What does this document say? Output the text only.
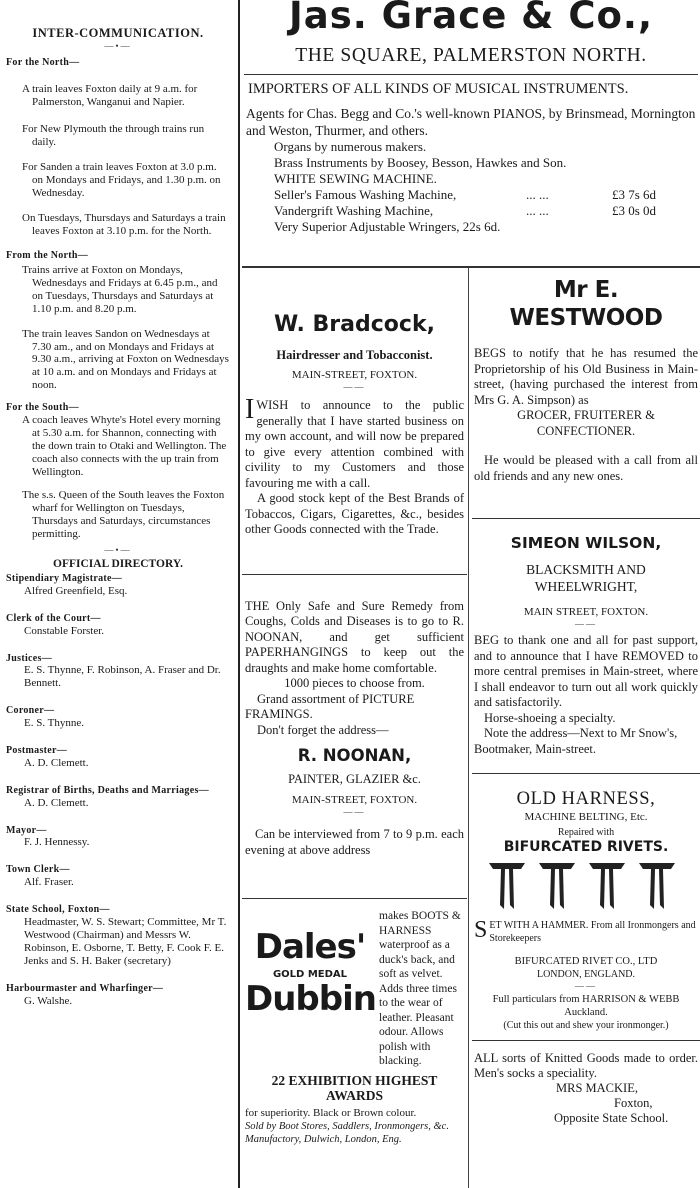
INTER-COMMUNICATION.

—•—

For the North—

A train leaves Foxton daily at 9 a.m. for Palmerston, Wanganui and Napier.

For New Plymouth the through trains run daily.

For Sanden a train leaves Foxton at 3.0 p.m. on Mondays and Fridays, and 1.30 p.m. on Wednesday.

On Tuesdays, Thursdays and Saturdays a train leaves Foxton at 3.10 p.m. for the North.

From the North—

Trains arrive at Foxton on Mondays, Wednesdays and Fridays at 6.45 p.m., and on Tuesdays, Thursdays and Saturdays at 1.10 p.m. and 8.20 p.m.

The train leaves Sandon on Wednesdays at 7.30 am., and on Mondays and Fridays at 9.30 a.m., arriving at Foxton on Wednesdays at 10 a.m. and on Mondays and Fridays at noon.

For the South—

A coach leaves Whyte's Hotel every morning at 5.30 a.m. for Shannon, connecting with the down train to Otaki and Wellington. The coach also connects with the up train from Wellington.

The s.s. Queen of the South leaves the Foxton wharf for Wellington on Tuesdays, Thursdays and Saturdays, circumstances permitting.

—•—

OFFICIAL DIRECTORY.

Stipendiary Magistrate—

Alfred Greenfield, Esq.

Clerk of the Court—

Constable Forster.

Justices—

E. S. Thynne, F. Robinson, A. Fraser and Dr. Bennett.

Coroner—

E. S. Thynne.

Postmaster—

A. D. Clemett.

Registrar of Births, Deaths and Marriages—

A. D. Clemett.

Mayor—

F. J. Hennessy.

Town Clerk—

Alf. Fraser.

State School, Foxton—

Headmaster, W. S. Stewart; Committee, Mr T. Westwood (Chairman) and Messrs W. Robinson, E. Osborne, T. Betty, F. Cook F. E. Jenks and S. H. Baker (secretary)

Harbourmaster and Wharfinger—

G. Walshe.

Jas. Grace & Co.,

THE SQUARE, PALMERSTON NORTH.

IMPORTERS OF ALL KINDS OF MUSICAL INSTRUMENTS.

Agents for Chas. Begg and Co.'s well-known PIANOS, by Brinsmead, Mornington and Weston, Thurmer, and others.

Organs by numerous makers.

Brass Instruments by Boosey, Besson, Hawkes and Son.

WHITE SEWING MACHINE.

Seller's Famous Washing Machine,	... ...	£3 7s 6d
Vandergrift Washing Machine,	... ...	£3 0s 0d

Very Superior Adjustable Wringers, 22s 6d.

W. Bradcock,

Hairdresser and Tobacconist.

MAIN-STREET, FOXTON.

——

IWISH to announce to the public generally that I have started business on my own account, and will now be prepared to give every attention combined with civility to my Customers and those favouring me with a call.

A good stock kept of the Best Brands of Tobaccos, Cigars, Cigarettes, &c., besides other Goods connected with the Trade.

THE Only Safe and Sure Remedy from Coughs, Colds and Diseases is to go to R. NOONAN, and get sufficient PAPERHANGINGS to keep out the draughts and make home comfortable.

1000 pieces to choose from.

Grand assortment of PICTURE FRAMINGS.

Don't forget the address—

R. NOONAN,

PAINTER, GLAZIER &c.

MAIN-STREET, FOXTON.

——

Can be interviewed from 7 to 9 p.m. each evening at above address

Dales'

GOLD MEDAL

Dubbin

makes BOOTS & HARNESS waterproof as a duck's back, and soft as velvet. Adds three times to the wear of leather. Pleasant odour. Allows polish with blacking.

22 EXHIBITION HIGHEST AWARDS

for superiority. Black or Brown colour.

Sold by Boot Stores, Saddlers, Ironmongers, &c. Manufactory, Dulwich, London, Eng.

Mr E. WESTWOOD

BEGS to notify that he has resumed the Proprietorship of his Old Business in Main-street, (having purchased the interest from Mrs G. A. Simpson) as

GROCER, FRUITERER & CONFECTIONER.

He would be pleased with a call from all old friends and any new ones.

SIMEON WILSON,

BLACKSMITH AND WHEELWRIGHT,

MAIN STREET, FOXTON.

——

BEG to thank one and all for past support, and to announce that I have REMOVED to more central premises in Main-street, where I shall endeavor to turn out all work quickly and satisfactorily.

Horse-shoeing a specialty.

Note the address—Next to Mr Snow's, Bootmaker, Main-street.

OLD HARNESS,

MACHINE BELTING, Etc.

Repaired with

BIFURCATED RIVETS.

SET WITH A HAMMER. From all Ironmongers and Storekeepers

BIFURCATED RIVET CO., LTD

LONDON, ENGLAND.

——

Full particulars from HARRISON & WEBB Auckland.

(Cut this out and shew your ironmonger.)

ALL sorts of Knitted Goods made to order. Men's socks a speciality.

MRS MACKIE,

Foxton,

Opposite State School.
